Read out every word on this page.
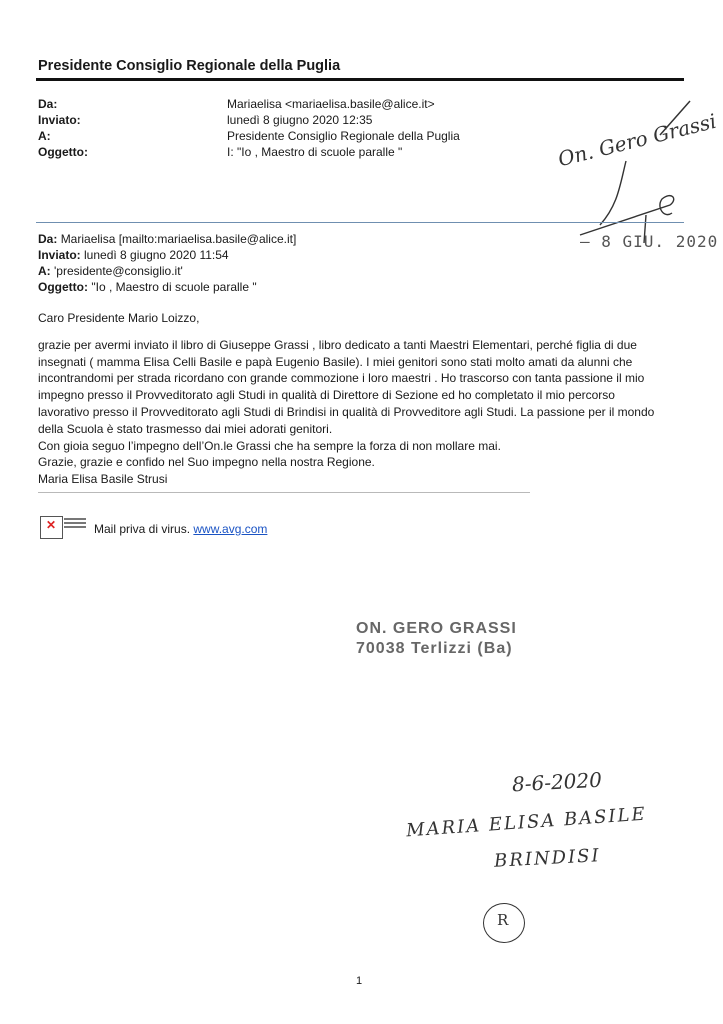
Presidente Consiglio Regionale della Puglia
Da:	Mariaelisa <mariaelisa.basile@alice.it>
Inviato:	lunedì 8 giugno 2020 12:35
A:	Presidente Consiglio Regionale della Puglia
Oggetto:	I: "Io , Maestro di scuole paralle "	On. Gero Grassi
Da: Mariaelisa [mailto:mariaelisa.basile@alice.it]
Inviato: lunedì 8 giugno 2020 11:54
A: 'presidente@consiglio.it'
Oggetto: "Io , Maestro di scuole paralle "
– 8 GIU. 2020

Caro Presidente Mario Loizzo,

grazie per avermi inviato il libro di Giuseppe Grassi , libro dedicato a tanti Maestri Elementari, perché figlia di due
insegnati ( mamma Elisa Celli Basile e papà Eugenio Basile). I miei genitori sono stati molto amati da alunni che
incontrandomi per strada ricordano con grande commozione i loro maestri . Ho trascorso con tanta passione il mio
impegno presso il Provveditorato agli Studi in qualità di Direttore di Sezione ed ho completato il mio percorso
lavorativo presso il Provveditorato agli Studi di Brindisi in qualità di Provveditore agli Studi. La passione per il mondo
della Scuola è stato trasmesso dai miei adorati genitori.
Con gioia seguo l’impegno dell’On.le Grassi che ha sempre la forza di non mollare mai.
Grazie, grazie e confido nel Suo impegno nella nostra Regione.
Maria Elisa Basile Strusi
✕	Mail priva di virus. www.avg.com
ON. GERO GRASSI
70038 Terlizzi (Ba)
8-6-2020
MARIA ELISA BASILE
BRINDISI
R
1
